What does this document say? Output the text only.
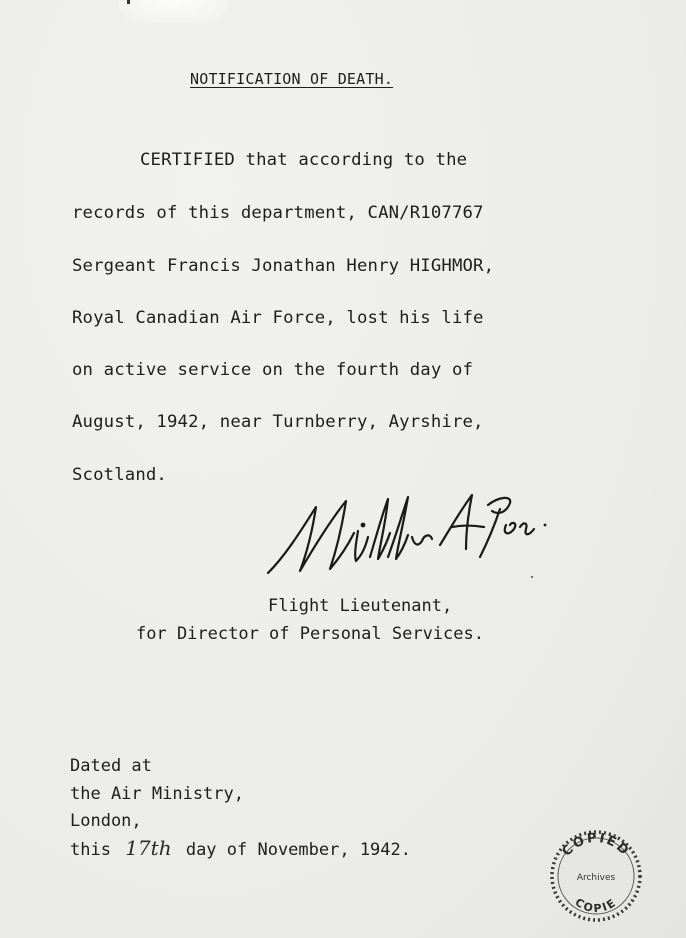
NOTIFICATION OF DEATH.
CERTIFIED that according to the
records of this department, CAN/R107767
Sergeant Francis Jonathan Henry HIGHMOR,
Royal Canadian Air Force, lost his life
on active service on the fourth day of
August, 1942, near Turnberry, Ayrshire,
Scotland.
Flight Lieutenant,
for Director of Personal Services.
Dated at
the Air Ministry,
London,
this 17th day of November, 1942.	COPIED
Archives
COPIE
